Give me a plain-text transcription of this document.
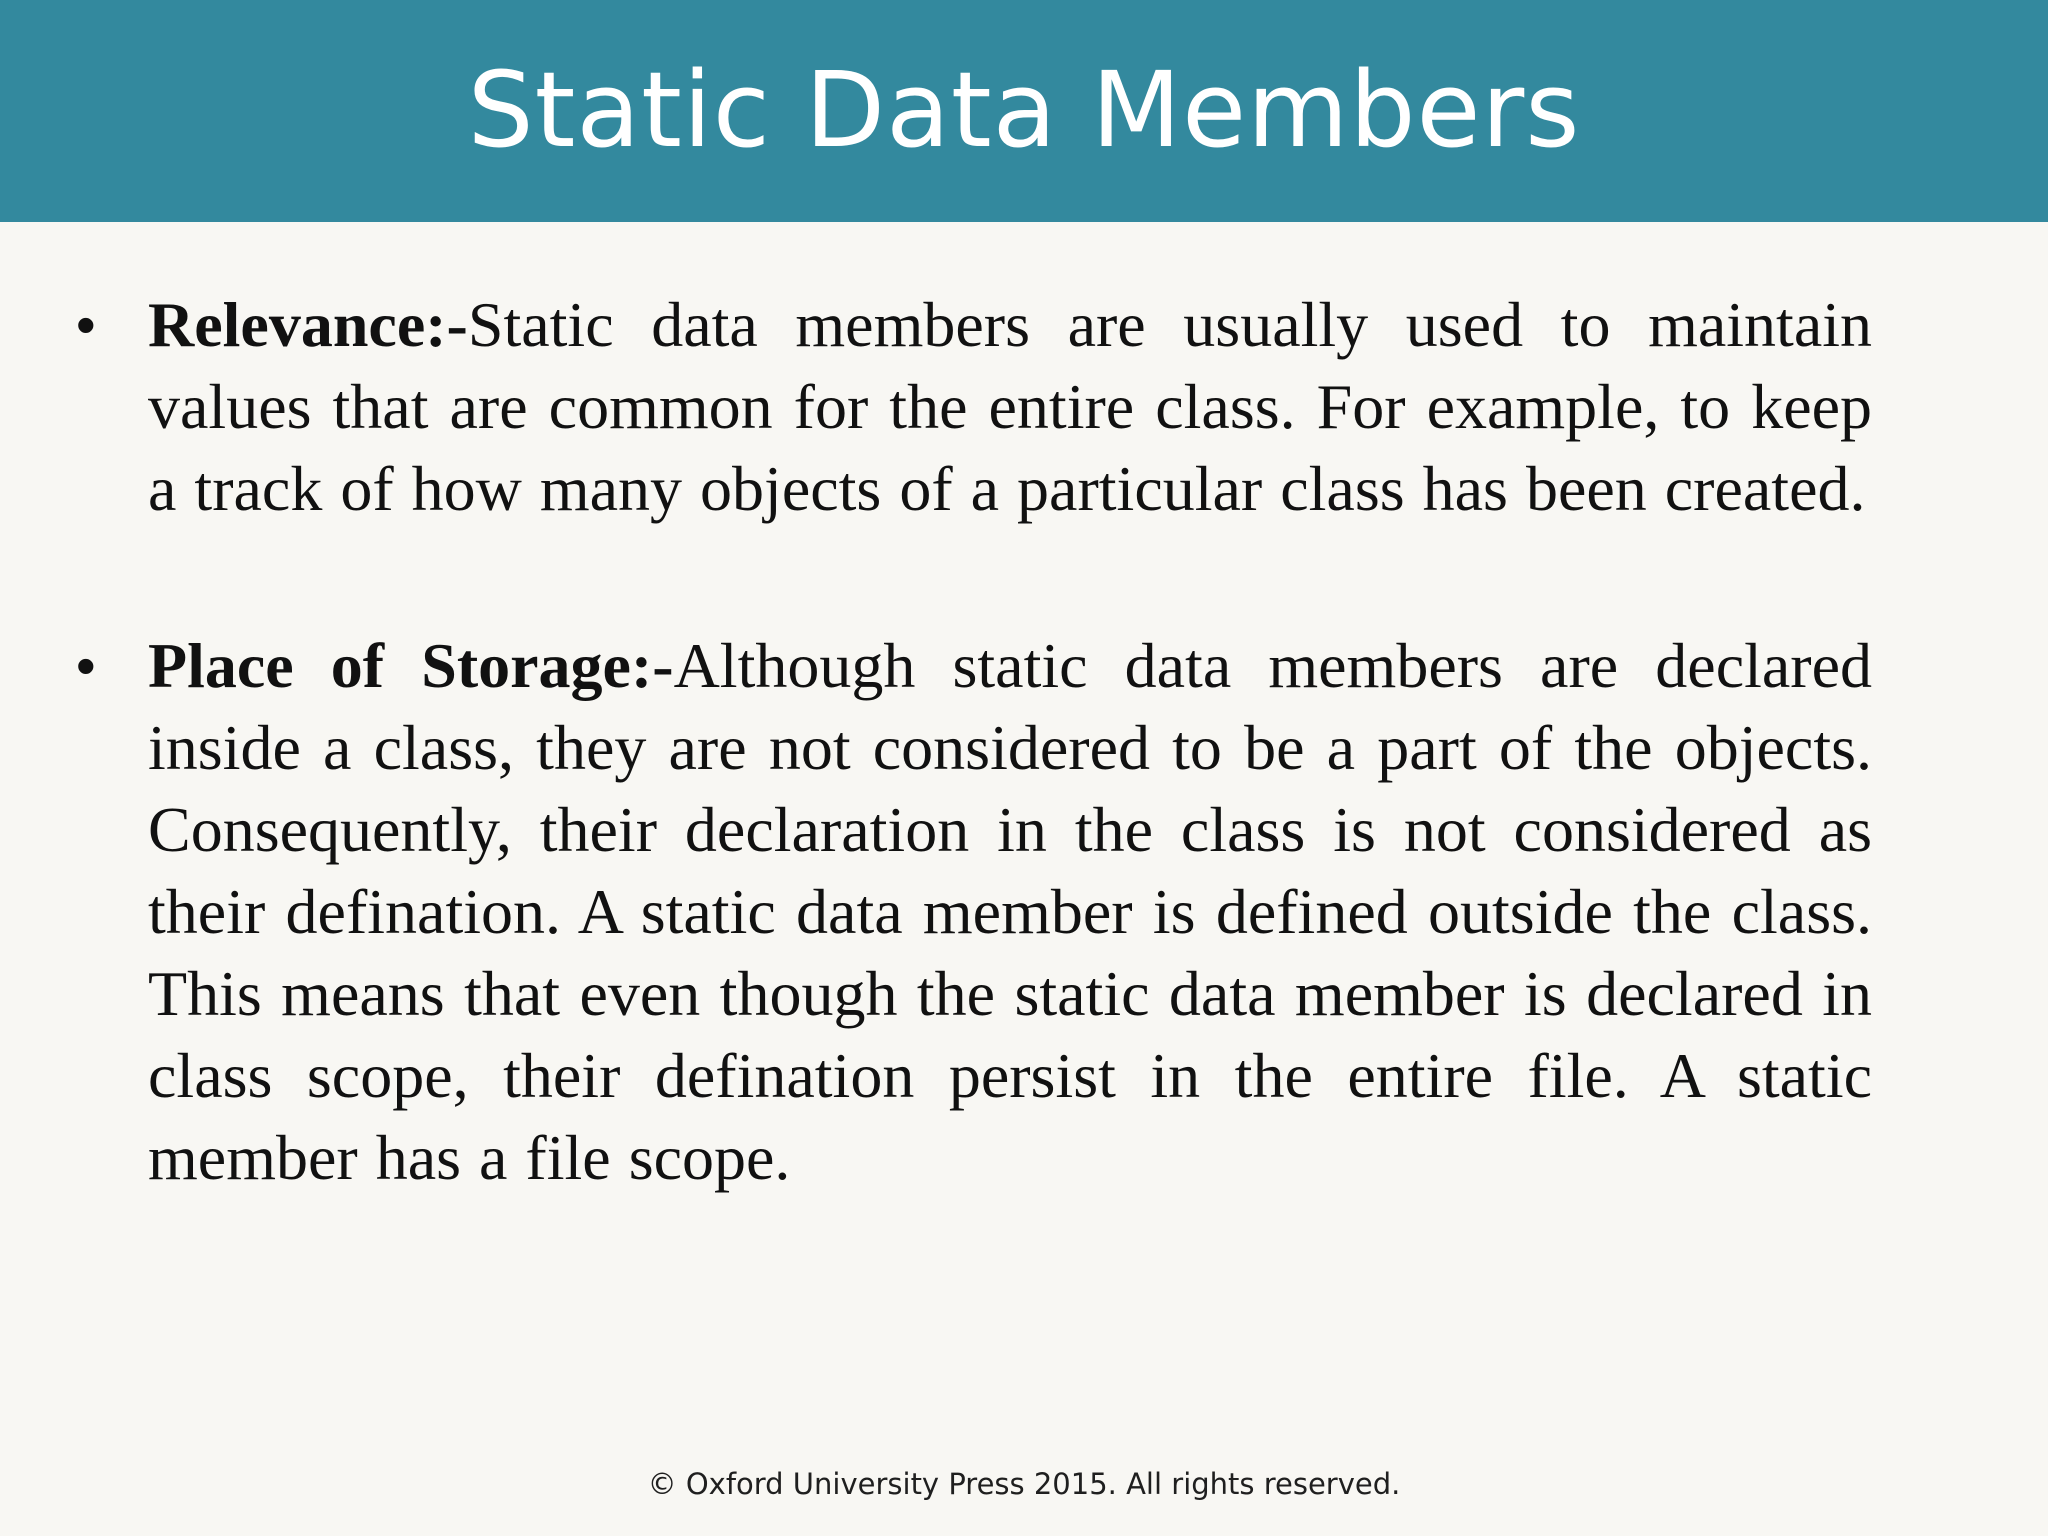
Static Data Members
• Relevance:-Static data members are usually used to maintain values that are common for the entire class. For example, to keep a track of how many objects of a particular class has been created.
• Place of Storage:-Although static data members are declared inside a class, they are not considered to be a part of the objects. Consequently, their declaration in the class is not considered as their defination. A static data member is defined outside the class. This means that even though the static data member is declared in class scope, their defination persist in the entire file. A static member has a file scope.
© Oxford University Press 2015. All rights reserved.
